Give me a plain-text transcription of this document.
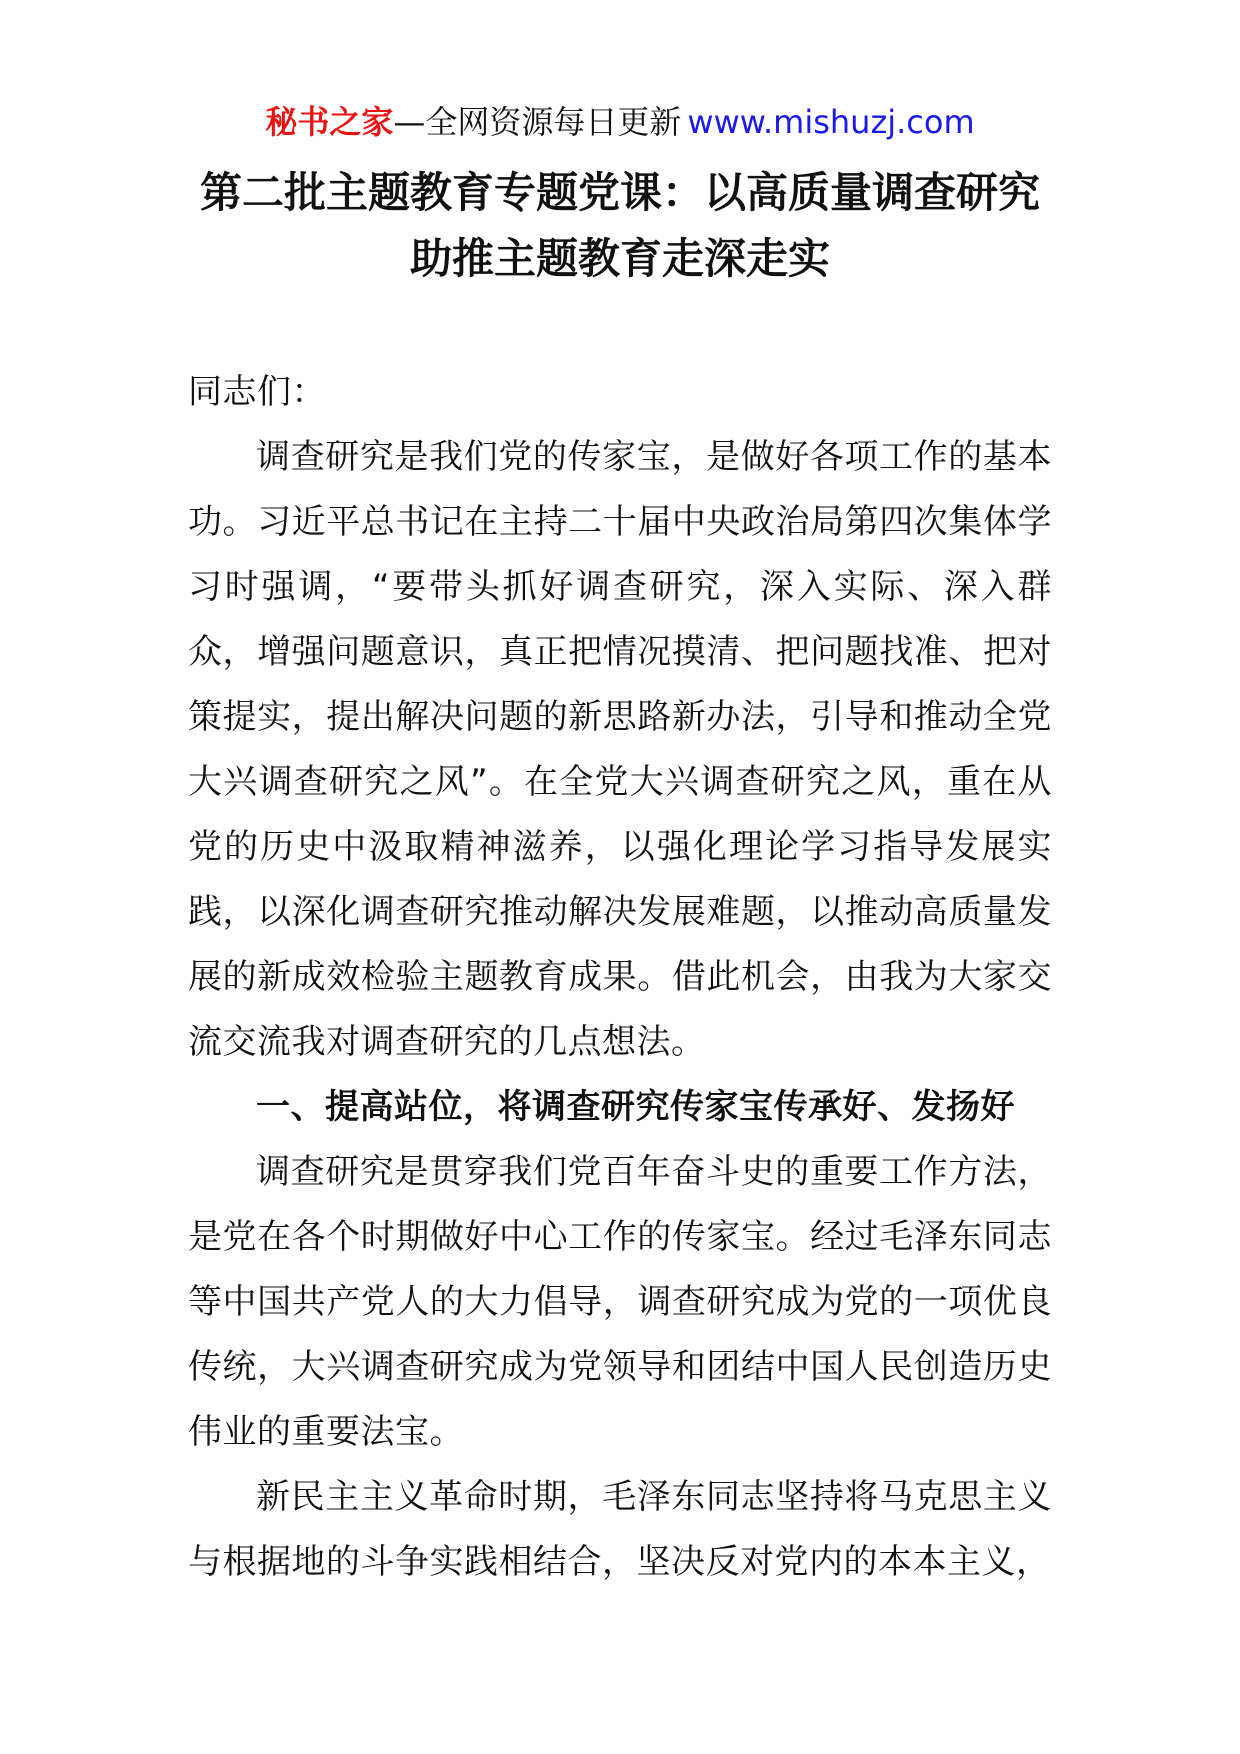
秘书之家—全网资源每日更新 www.mishuzj.com
第二批主题教育专题党课：以高质量调查研究
助推主题教育走深走实

同志们：

调查研究是我们党的传家宝，是做好各项工作的基本功。习近平总书记在主持二十届中央政治局第四次集体学习时强调，“要带头抓好调查研究，深入实际、深入群众，增强问题意识，真正把情况摸清、把问题找准、把对策提实，提出解决问题的新思路新办法，引导和推动全党大兴调查研究之风”。在全党大兴调查研究之风，重在从党的历史中汲取精神滋养，以强化理论学习指导发展实践，以深化调查研究推动解决发展难题，以推动高质量发展的新成效检验主题教育成果。借此机会，由我为大家交流交流我对调查研究的几点想法。

一、提高站位，将调查研究传家宝传承好、发扬好

调查研究是贯穿我们党百年奋斗史的重要工作方法，是党在各个时期做好中心工作的传家宝。经过毛泽东同志等中国共产党人的大力倡导，调查研究成为党的一项优良传统，大兴调查研究成为党领导和团结中国人民创造历史伟业的重要法宝。

新民主主义革命时期，毛泽东同志坚持将马克思主义与根据地的斗争实践相结合，坚决反对党内的本本主义，
